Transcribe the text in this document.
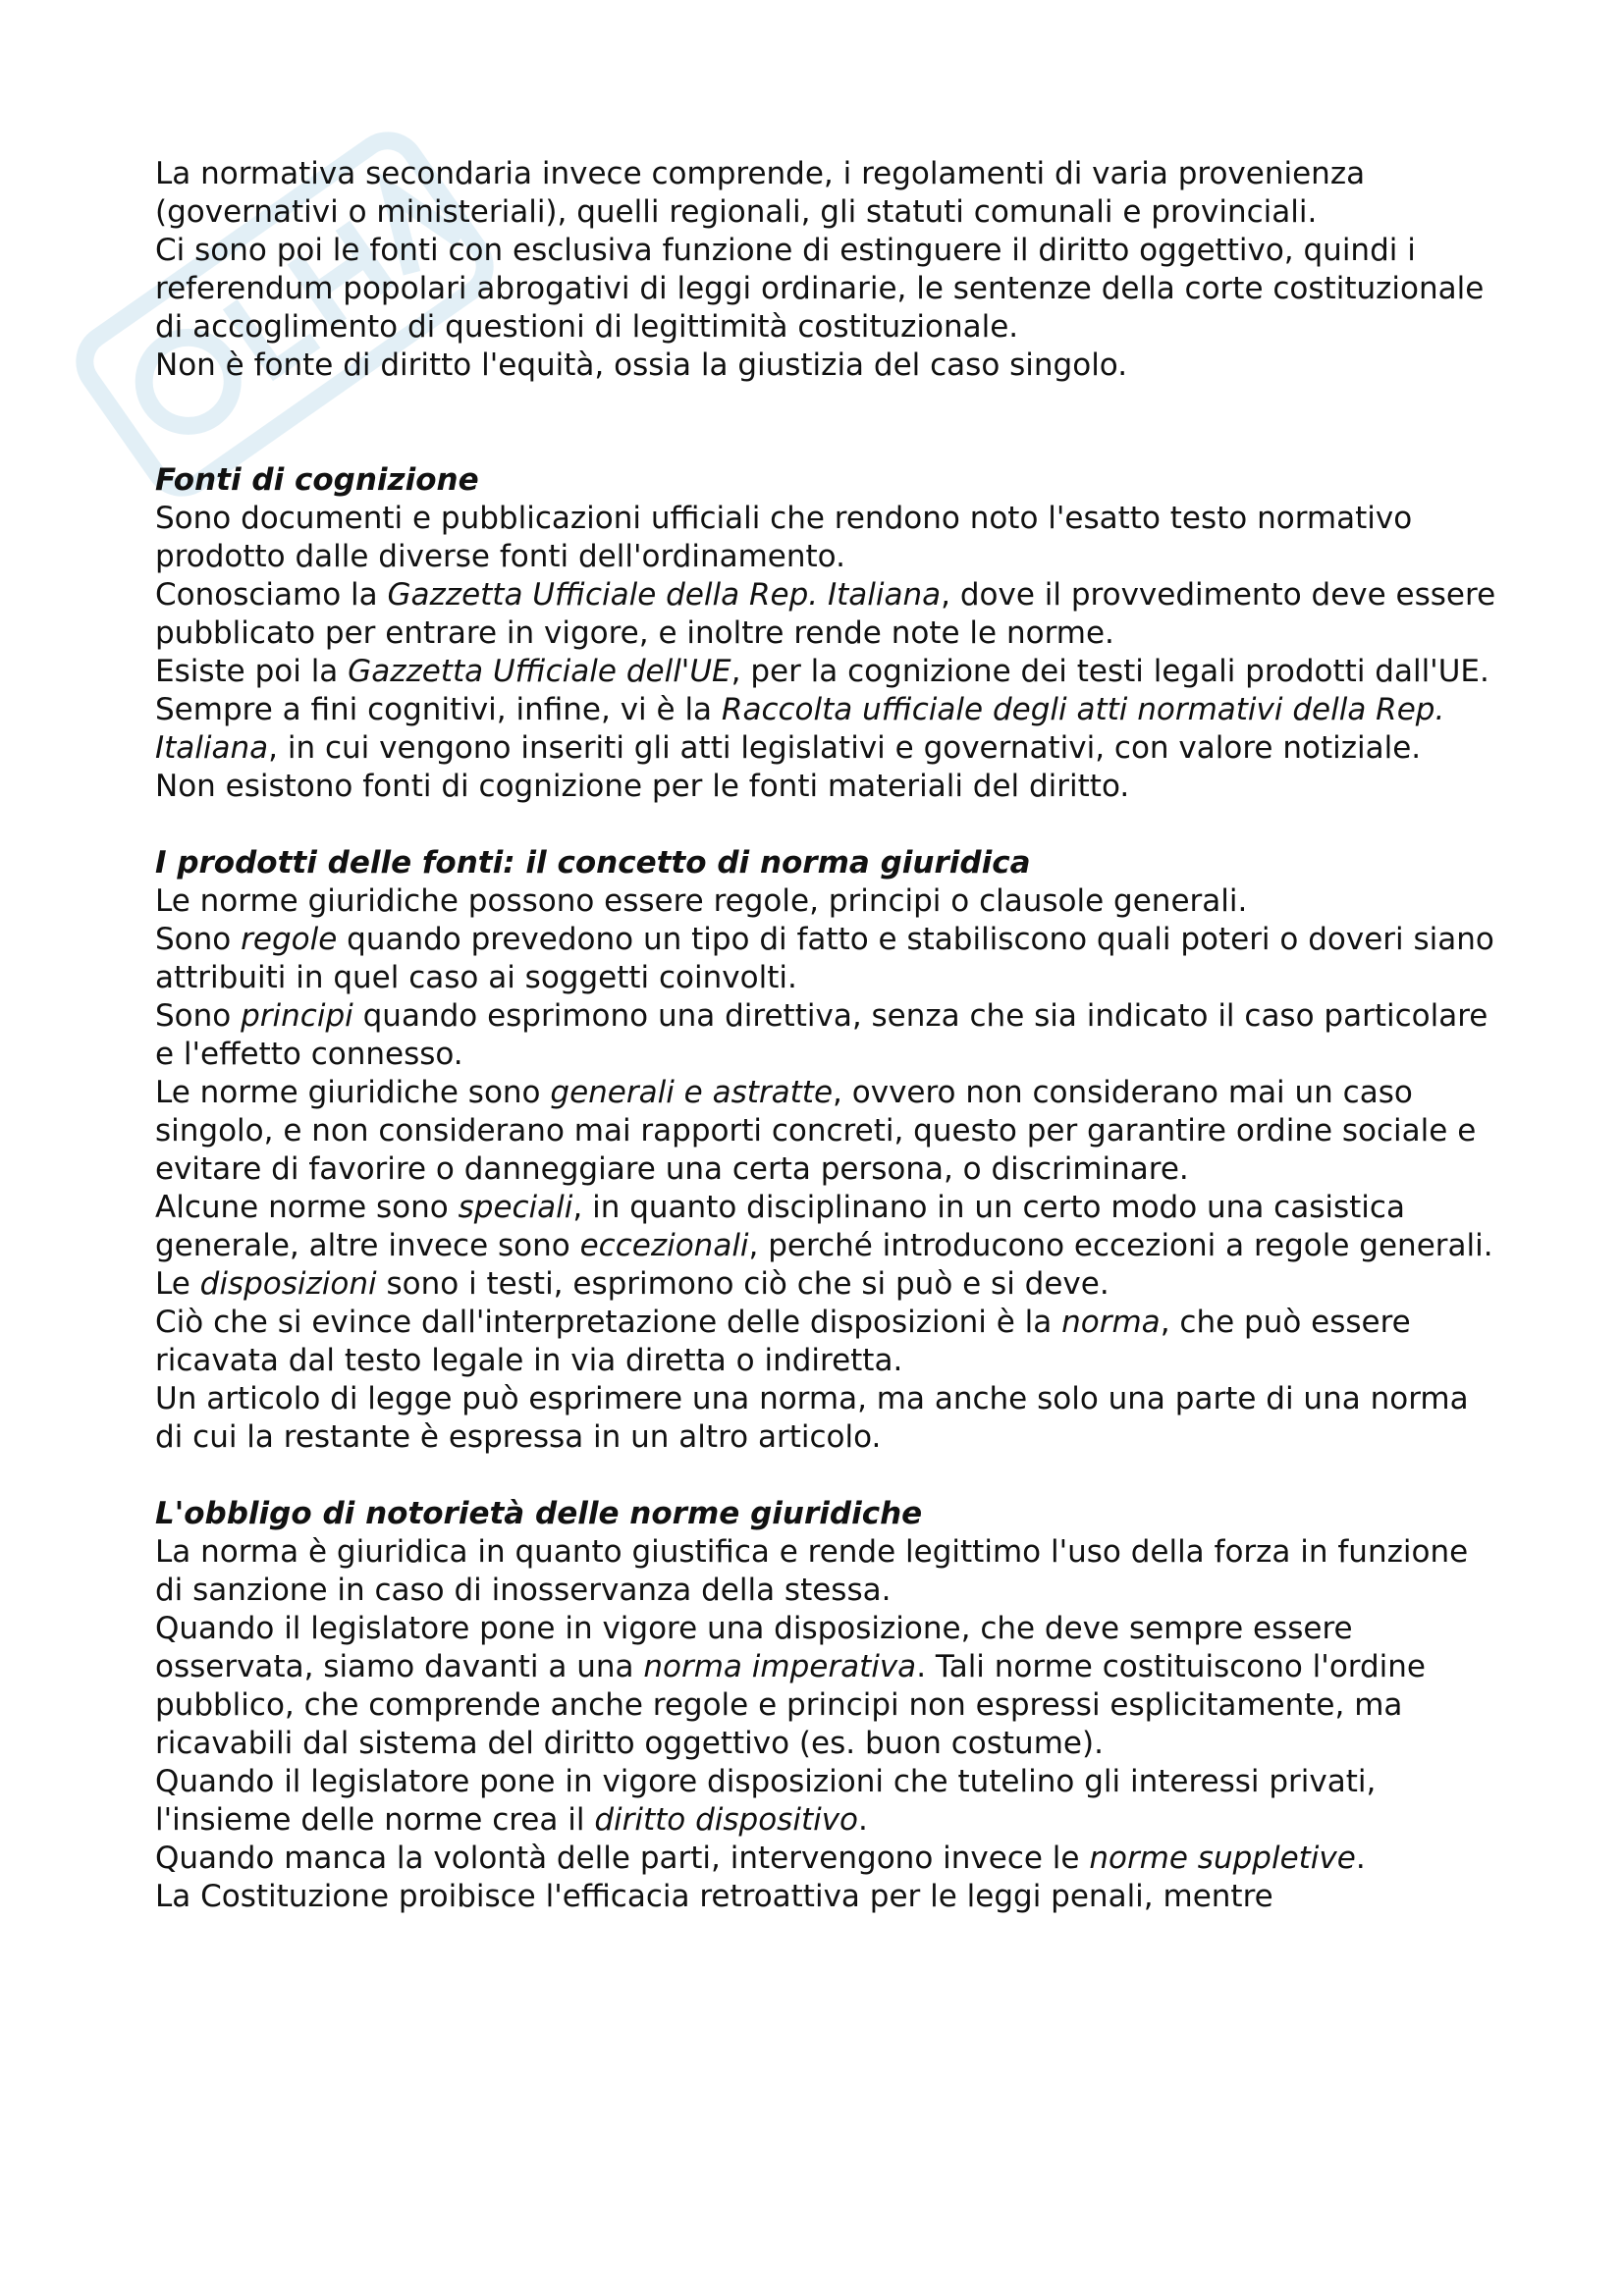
La normativa secondaria invece comprende, i regolamenti di varia provenienza (governativi o ministeriali), quelli regionali, gli statuti comunali e provinciali.

Ci sono poi le fonti con esclusiva funzione di estinguere il diritto oggettivo, quindi i referendum popolari abrogativi di leggi ordinarie, le sentenze della corte costituzionale di accoglimento di questioni di legittimità costituzionale.

Non è fonte di diritto l'equità, ossia la giustizia del caso singolo.

Fonti di cognizione

Sono documenti e pubblicazioni ufficiali che rendono noto l'esatto testo normativo prodotto dalle diverse fonti dell'ordinamento.

Conosciamo la Gazzetta Ufficiale della Rep. Italiana, dove il provvedimento deve essere pubblicato per entrare in vigore, e inoltre rende note le norme.

Esiste poi la Gazzetta Ufficiale dell'UE, per la cognizione dei testi legali prodotti dall'UE.

Sempre a fini cognitivi, infine, vi è la Raccolta ufficiale degli atti normativi della Rep. Italiana, in cui vengono inseriti gli atti legislativi e governativi, con valore notiziale.

Non esistono fonti di cognizione per le fonti materiali del diritto.

I prodotti delle fonti: il concetto di norma giuridica

Le norme giuridiche possono essere regole, principi o clausole generali.

Sono regole quando prevedono un tipo di fatto e stabiliscono quali poteri o doveri siano attribuiti in quel caso ai soggetti coinvolti.

Sono principi quando esprimono una direttiva, senza che sia indicato il caso particolare e l'effetto connesso.

Le norme giuridiche sono generali e astratte, ovvero non considerano mai un caso singolo, e non considerano mai rapporti concreti, questo per garantire ordine sociale e evitare di favorire o danneggiare una certa persona, o discriminare.

Alcune norme sono speciali, in quanto disciplinano in un certo modo una casistica generale, altre invece sono eccezionali, perché introducono eccezioni a regole generali.

Le disposizioni sono i testi, esprimono ciò che si può e si deve.

Ciò che si evince dall'interpretazione delle disposizioni è la norma, che può essere ricavata dal testo legale in via diretta o indiretta.

Un articolo di legge può esprimere una norma, ma anche solo una parte di una norma di cui la restante è espressa in un altro articolo.

L'obbligo di notorietà delle norme giuridiche

La norma è giuridica in quanto giustifica e rende legittimo l'uso della forza in funzione di sanzione in caso di inosservanza della stessa.

Quando il legislatore pone in vigore una disposizione, che deve sempre essere osservata, siamo davanti a una norma imperativa. Tali norme costituiscono l'ordine pubblico, che comprende anche regole e principi non espressi esplicitamente, ma ricavabili dal sistema del diritto oggettivo (es. buon costume).

Quando il legislatore pone in vigore disposizioni che tutelino gli interessi privati, l'insieme delle norme crea il diritto dispositivo.

Quando manca la volontà delle parti, intervengono invece le norme suppletive.

La Costituzione proibisce l'efficacia retroattiva per le leggi penali, mentre
